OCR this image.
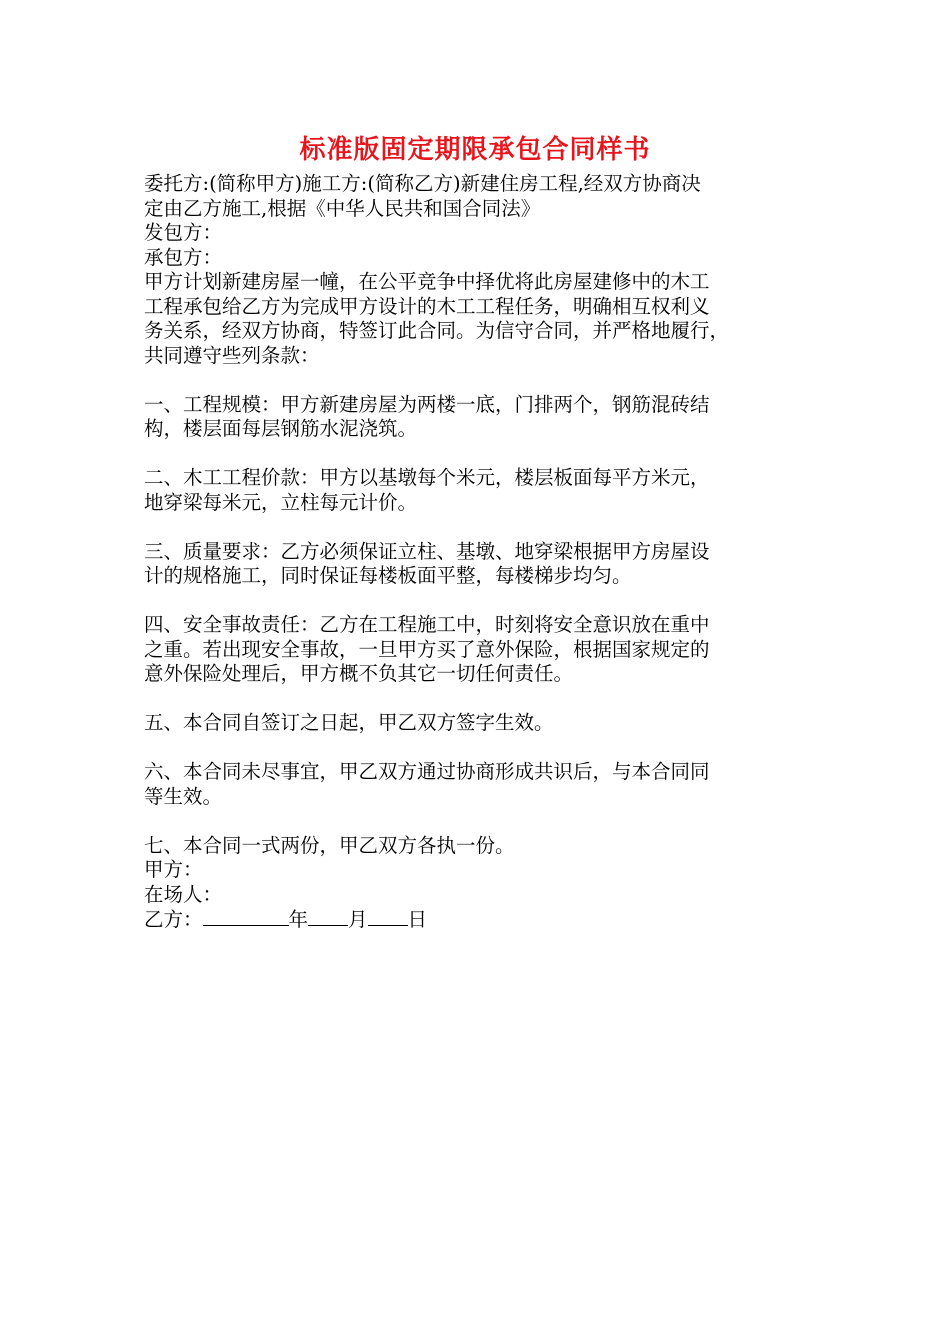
标准版固定期限承包合同样书

委托方:(简称甲方)施工方:(简称乙方)新建住房工程,经双方协商决

定由乙方施工,根据《中华人民共和国合同法》

发包方：

承包方：

甲方计划新建房屋一幢，在公平竞争中择优将此房屋建修中的木工

工程承包给乙方为完成甲方设计的木工工程任务，明确相互权利义

务关系，经双方协商，特签订此合同。为信守合同，并严格地履行，

共同遵守些列条款：

一、工程规模：甲方新建房屋为两楼一底，门排两个，钢筋混砖结

构，楼层面每层钢筋水泥浇筑。

二、木工工程价款：甲方以基墩每个米元，楼层板面每平方米元，

地穿梁每米元，立柱每元计价。

三、质量要求：乙方必须保证立柱、基墩、地穿梁根据甲方房屋设

计的规格施工，同时保证每楼板面平整，每楼梯步均匀。

四、安全事故责任：乙方在工程施工中，时刻将安全意识放在重中

之重。若出现安全事故，一旦甲方买了意外保险，根据国家规定的

意外保险处理后，甲方概不负其它一切任何责任。

五、本合同自签订之日起，甲乙双方签字生效。

六、本合同未尽事宜，甲乙双方通过协商形成共识后，与本合同同

等生效。

七、本合同一式两份，甲乙双方各执一份。

甲方：

在场人：

乙方：	年 月 日
